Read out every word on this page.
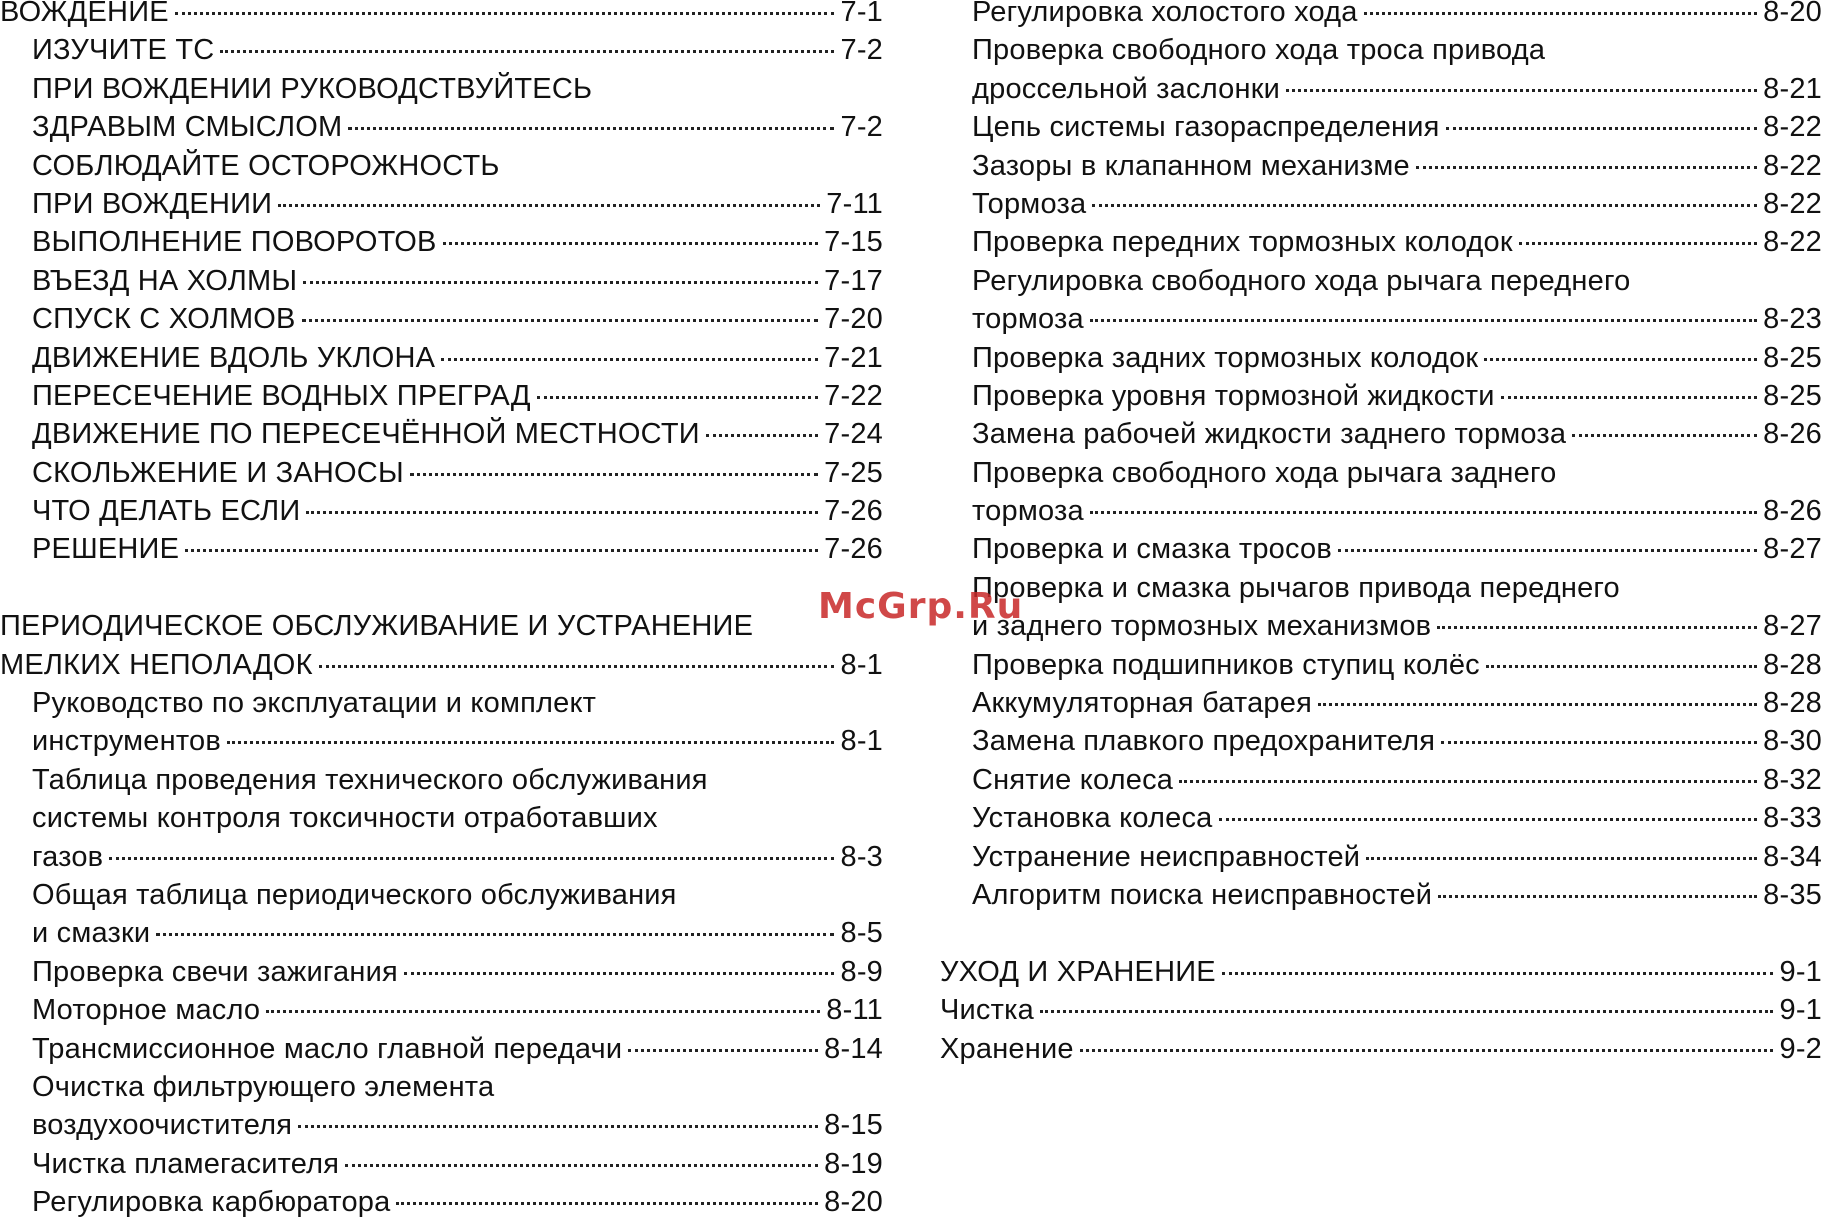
ВОЖДЕНИЕ	7-1
ИЗУЧИТЕ ТС	7-2
ПРИ ВОЖДЕНИИ РУКОВОДСТВУЙТЕСЬ
ЗДРАВЫМ СМЫСЛОМ	7-2
СОБЛЮДАЙТЕ ОСТОРОЖНОСТЬ
ПРИ ВОЖДЕНИИ	7-11
ВЫПОЛНЕНИЕ ПОВОРОТОВ	7-15
ВЪЕЗД НА ХОЛМЫ	7-17
СПУСК С ХОЛМОВ	7-20
ДВИЖЕНИЕ ВДОЛЬ УКЛОНА	7-21
ПЕРЕСЕЧЕНИЕ ВОДНЫХ ПРЕГРАД	7-22
ДВИЖЕНИЕ ПО ПЕРЕСЕЧЁННОЙ МЕСТНОСТИ	7-24
СКОЛЬЖЕНИЕ И ЗАНОСЫ	7-25
ЧТО ДЕЛАТЬ ЕСЛИ	7-26
РЕШЕНИЕ	7-26
ПЕРИОДИЧЕСКОЕ ОБСЛУЖИВАНИЕ И УСТРАНЕНИЕ
МЕЛКИХ НЕПОЛАДОК	8-1
Руководство по эксплуатации и комплект
инструментов	8-1
Таблица проведения технического обслуживания
системы контроля токсичности отработавших
газов	8-3
Общая таблица периодического обслуживания
и смазки	8-5
Проверка свечи зажигания	8-9
Моторное масло	8-11
Трансмиссионное масло главной передачи	8-14
Очистка фильтрующего элемента
воздухоочистителя	8-15
Чистка пламегасителя	8-19
Регулировка карбюратора	8-20
Регулировка холостого хода	8-20
Проверка свободного хода троса привода
дроссельной заслонки	8-21
Цепь системы газораспределения	8-22
Зазоры в клапанном механизме	8-22
Тормоза	8-22
Проверка передних тормозных колодок	8-22
Регулировка свободного хода рычага переднего
тормоза	8-23
Проверка задних тормозных колодок	8-25
Проверка уровня тормозной жидкости	8-25
Замена рабочей жидкости заднего тормоза	8-26
Проверка свободного хода рычага заднего
тормоза	8-26
Проверка и смазка тросов	8-27
Проверка и смазка рычагов привода переднего
и заднего тормозных механизмов	8-27
Проверка подшипников ступиц колёс	8-28
Аккумуляторная батарея	8-28
Замена плавкого предохранителя	8-30
Снятие колеса	8-32
Установка колеса	8-33
Устранение неисправностей	8-34
Алгоритм поиска неисправностей	8-35
УХОД И ХРАНЕНИЕ	9-1
Чистка	9-1
Хранение	9-2
McGrp.Ru
